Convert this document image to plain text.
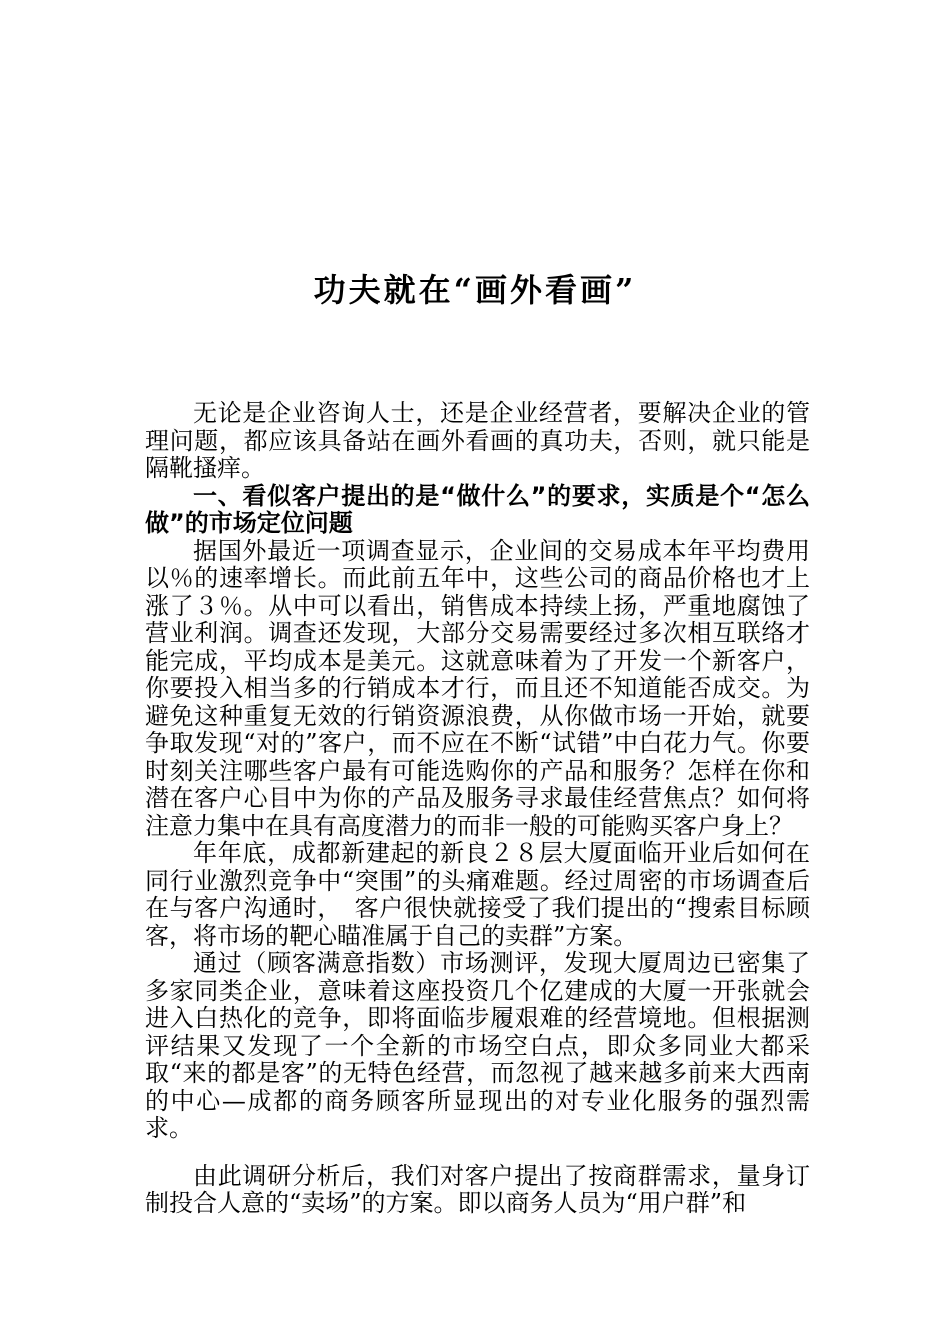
功夫就在“画外看画”

无论是企业咨询人士，还是企业经营者，要解决企业的管理问题，都应该具备站在画外看画的真功夫，否则，就只能是隔靴搔痒。

一、看似客户提出的是“做什么”的要求，实质是个“怎么做”的市场定位问题

据国外最近一项调查显示，企业间的交易成本年平均费用以％的速率增长。而此前五年中，这些公司的商品价格也才上涨了３％。从中可以看出，销售成本持续上扬，严重地腐蚀了营业利润。调查还发现，大部分交易需要经过多次相互联络才能完成，平均成本是美元。这就意味着为了开发一个新客户，你要投入相当多的行销成本才行，而且还不知道能否成交。为避免这种重复无效的行销资源浪费，从你做市场一开始，就要争取发现“对的”客户，而不应在不断“试错”中白花力气。你要时刻关注哪些客户最有可能选购你的产品和服务？怎样在你和潜在客户心目中为你的产品及服务寻求最佳经营焦点？如何将注意力集中在具有高度潜力的而非一般的可能购买客户身上？

年年底，成都新建起的新良２８层大厦面临开业后如何在同行业激烈竞争中“突围”的头痛难题。经过周密的市场调查后在与客户沟通时，　客户很快就接受了我们提出的“搜索目标顾客，将市场的靶心瞄准属于自己的卖群”方案。

通过（顾客满意指数）市场测评，发现大厦周边已密集了多家同类企业，意味着这座投资几个亿建成的大厦一开张就会进入白热化的竞争，即将面临步履艰难的经营境地。但根据测评结果又发现了一个全新的市场空白点，即众多同业大都采取“来的都是客”的无特色经营，而忽视了越来越多前来大西南的中心—成都的商务顾客所显现出的对专业化服务的强烈需求。

由此调研分析后，我们对客户提出了按商群需求，量身订制投合人意的“卖场”的方案。即以商务人员为“用户群”和
